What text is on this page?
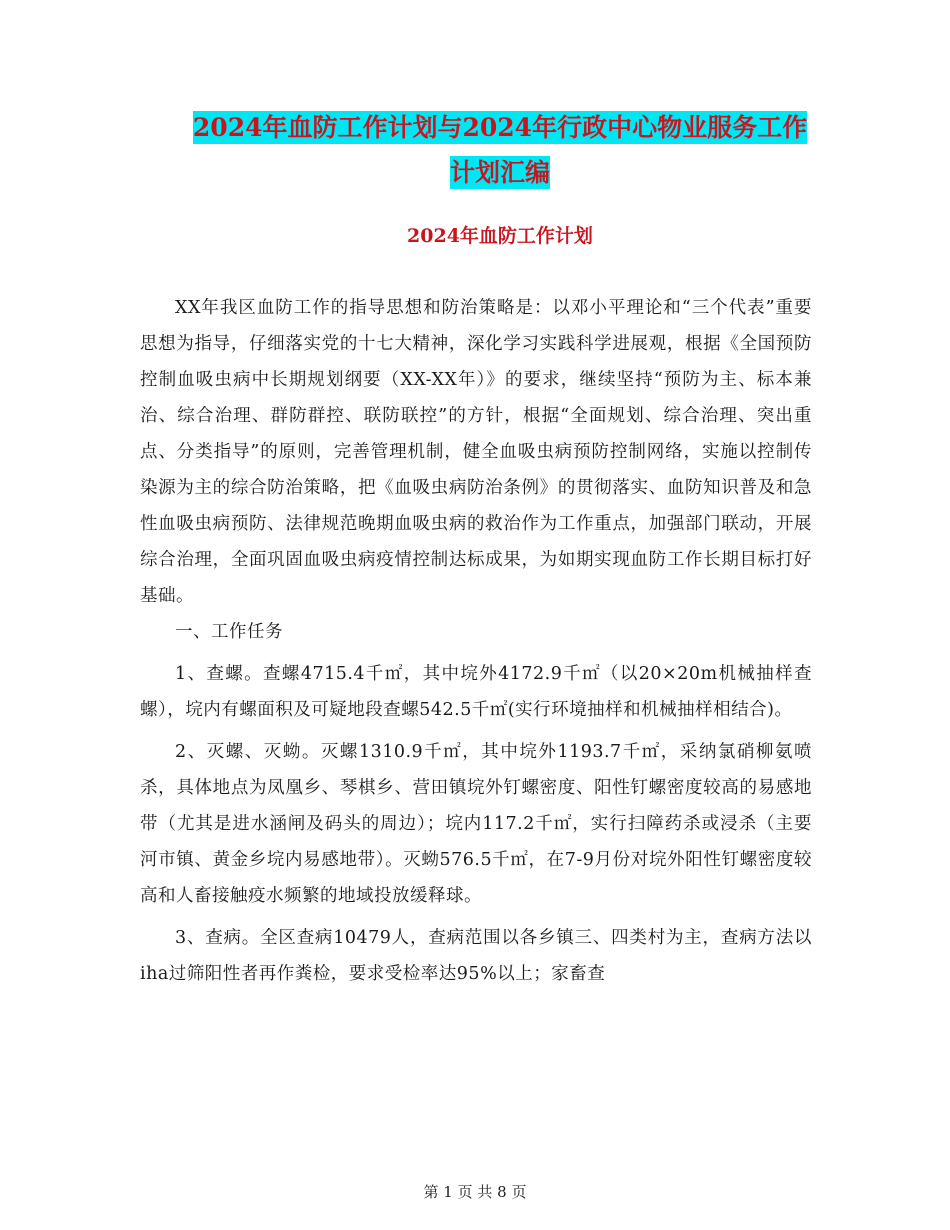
2024年血防工作计划与2024年行政中心物业服务工作
计划汇编
2024年血防工作计划

XX年我区血防工作的指导思想和防治策略是：以邓小平理论和“三个代表”重要思想为指导，仔细落实党的十七大精神，深化学习实践科学进展观，根据《全国预防控制血吸虫病中长期规划纲要（XX-XX年）》的要求，继续坚持“预防为主、标本兼治、综合治理、群防群控、联防联控”的方针，根据“全面规划、综合治理、突出重点、分类指导”的原则，完善管理机制，健全血吸虫病预防控制网络，实施以控制传染源为主的综合防治策略，把《血吸虫病防治条例》的贯彻落实、血防知识普及和急性血吸虫病预防、法律规范晚期血吸虫病的救治作为工作重点，加强部门联动，开展综合治理，全面巩固血吸虫病疫情控制达标成果，为如期实现血防工作长期目标打好基础。

一、工作任务

1、查螺。查螺4715.4千㎡，其中垸外4172.9千㎡（以20×20m机械抽样查螺），垸内有螺面积及可疑地段查螺542.5千㎡(实行环境抽样和机械抽样相结合)。

2、灭螺、灭蚴。灭螺1310.9千㎡，其中垸外1193.7千㎡，采纳氯硝柳氨喷杀，具体地点为凤凰乡、琴棋乡、营田镇垸外钉螺密度、阳性钉螺密度较高的易感地带（尤其是进水涵闸及码头的周边）；垸内117.2千㎡，实行扫障药杀或浸杀（主要河市镇、黄金乡垸内易感地带）。灭蚴576.5千㎡，在7-9月份对垸外阳性钉螺密度较高和人畜接触疫水频繁的地域投放缓释球。

3、查病。全区查病10479人，查病范围以各乡镇三、四类村为主，查病方法以iha过筛阳性者再作粪检，要求受检率达95%以上；家畜查

第 1 页 共 8 页
